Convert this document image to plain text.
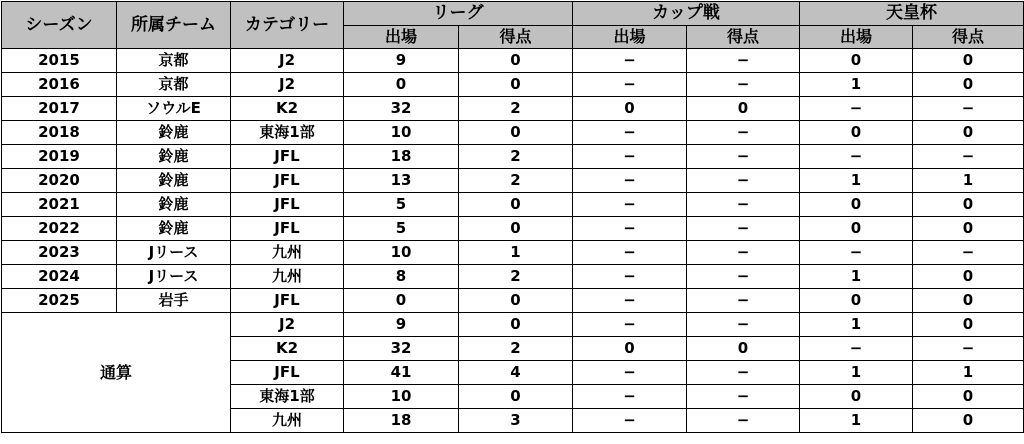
シーズン	所属チーム	カテゴリー	リーグ		カップ戦		天皇杯	
			出場	得点	出場	得点	出場	得点
2015	京都	J2	9	0	−	−	0	0
2016	京都	J2	0	0	−	−	1	0
2017	ソウルE	K2	32	2	0	0	−	−
2018	鈴鹿	東海1部	10	0	−	−	0	0
2019	鈴鹿	JFL	18	2	−	−	−	−
2020	鈴鹿	JFL	13	2	−	−	1	1
2021	鈴鹿	JFL	5	0	−	−	0	0
2022	鈴鹿	JFL	5	0	−	−	0	0
2023	Jリース	九州	10	1	−	−	−	−
2024	Jリース	九州	8	2	−	−	1	0
2025	岩手	JFL	0	0	−	−	0	0
通算		J2	9	0	−	−	1	0
		K2	32	2	0	0	−	−
		JFL	41	4	−	−	1	1
		東海1部	10	0	−	−	0	0
		九州	18	3	−	−	1	0
